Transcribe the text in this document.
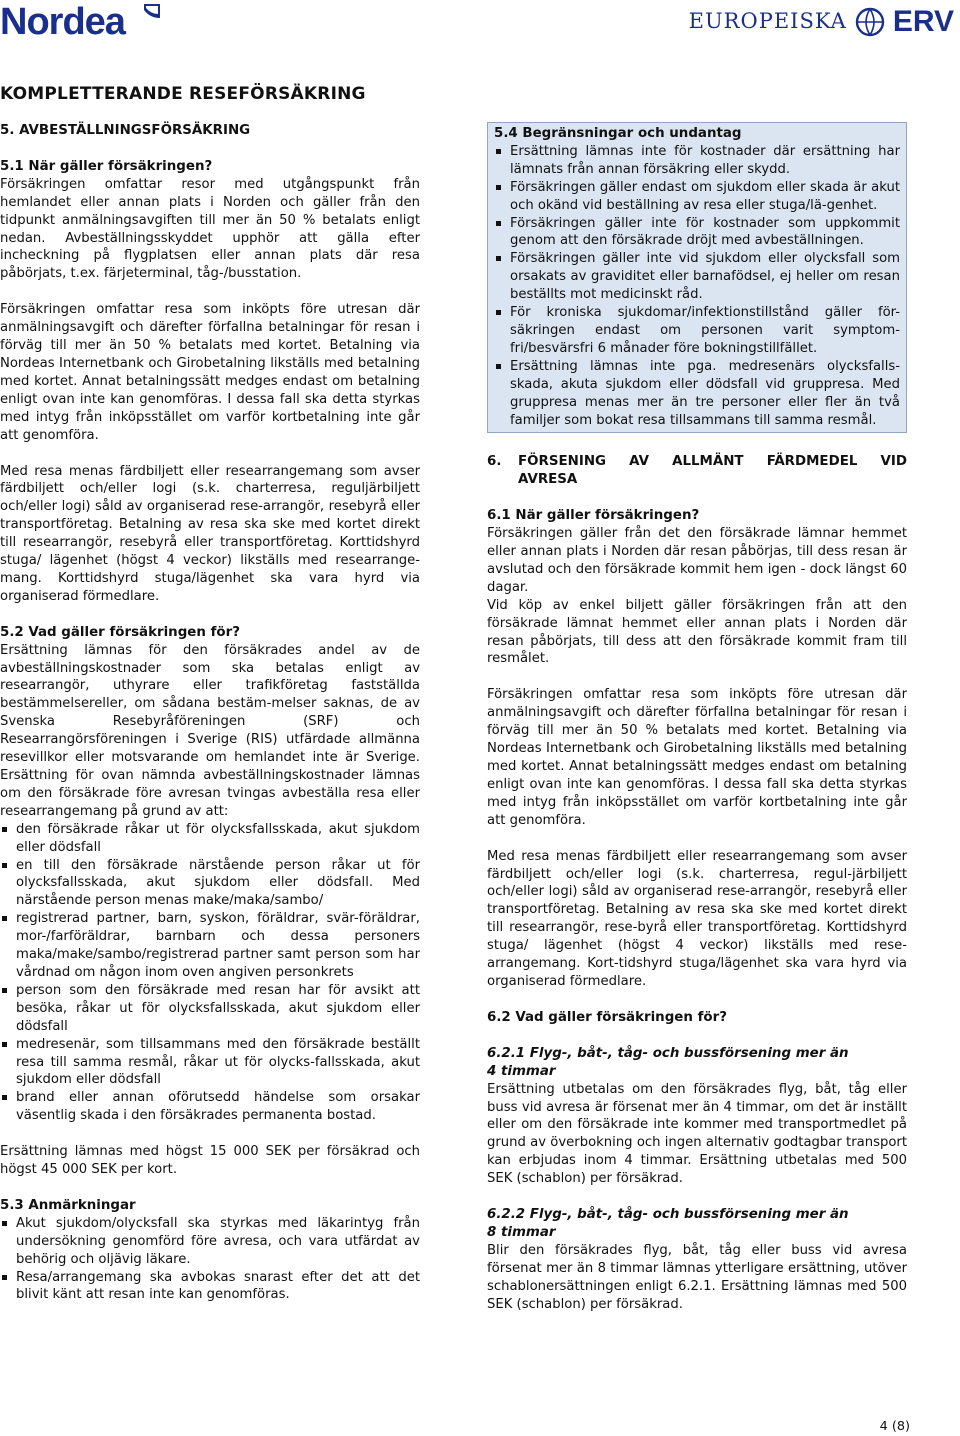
Nordea	EUROPEISKA ERV
KOMPLETTERANDE RESEFÖRSÄKRING
5. AVBESTÄLLNINGSFÖRSÄKRING
5.1 När gäller försäkringen?

Försäkringen omfattar resor med utgångspunkt från hemlandet eller annan plats i Norden och gäller från den tidpunkt anmälningsavgiften till mer än 50 % betalats enligt nedan. Avbeställningsskyddet upphör att gälla efter incheckning på flygplatsen eller annan plats där resa påbörjats, t.ex. färjeterminal, tåg-/busstation.

Försäkringen omfattar resa som inköpts före utresan där anmälningsavgift och därefter förfallna betalningar för resan i förväg till mer än 50 % betalats med kortet. Betalning via Nordeas Internetbank och Girobetalning likställs med betalning med kortet. Annat betalningssätt medges endast om betalning enligt ovan inte kan genomföras. I dessa fall ska detta styrkas med intyg från inköpsstället om varför kortbetalning inte går att genomföra.

Med resa menas färdbiljett eller researrangemang som avser färdbiljett och/eller logi (s.k. charterresa, reguljärbiljett och/eller logi) såld av organiserad rese-arrangör, resebyrå eller transportföretag. Betalning av resa ska ske med kortet direkt till researrangör, resebyrå eller transportföretag. Korttidshyrd stuga/ lägenhet (högst 4 veckor) likställs med researrange-mang. Korttidshyrd stuga/lägenhet ska vara hyrd via organiserad förmedlare.

5.2 Vad gäller försäkringen för?

Ersättning lämnas för den försäkrades andel av de avbeställningskostnader som ska betalas enligt av researrangör, uthyrare eller trafikföretag fastställda bestämmelsereller, om sådana bestäm-melser saknas, de av Svenska Resebyråföreningen (SRF) och Researrangörsföreningen i Sverige (RIS) utfärdade allmänna resevillkor eller motsvarande om hemlandet inte är Sverige. Ersättning för ovan nämnda avbeställningskostnader lämnas om den försäkrade före avresan tvingas avbeställa resa eller researrangemang på grund av att:

den försäkrade råkar ut för olycksfallsskada, akut sjukdom eller dödsfall
en till den försäkrade närstående person råkar ut för olycksfallsskada, akut sjukdom eller dödsfall. Med närstående person menas make/maka/sambo/
registrerad partner, barn, syskon, föräldrar, svär-föräldrar, mor-/farföräldrar, barnbarn och dessa personers maka/make/sambo/registrerad partner samt person som har vårdnad om någon inom oven angiven personkrets
person som den försäkrade med resan har för avsikt att besöka, råkar ut för olycksfallsskada, akut sjukdom eller dödsfall
medresenär, som tillsammans med den försäkrade beställt resa till samma resmål, råkar ut för olycks-fallsskada, akut sjukdom eller dödsfall
brand eller annan oförutsedd händelse som orsakar väsentlig skada i den försäkrades permanenta bostad.

Ersättning lämnas med högst 15 000 SEK per försäkrad och högst 45 000 SEK per kort.

5.3 Anmärkningar
Akut sjukdom/olycksfall ska styrkas med läkarintyg från undersökning genomförd före avresa, och vara utfärdat av behörig och oljävig läkare.
Resa/arrangemang ska avbokas snarast efter det att det blivit känt att resan inte kan genomföras.
5.4 Begränsningar och undantag
Ersättning lämnas inte för kostnader där ersättning har lämnats från annan försäkring eller skydd.
Försäkringen gäller endast om sjukdom eller skada är akut och okänd vid beställning av resa eller stuga/lä-genhet.
Försäkringen gäller inte för kostnader som uppkommit genom att den försäkrade dröjt med avbeställningen.
Försäkringen gäller inte vid sjukdom eller olycksfall som orsakats av graviditet eller barnafödsel, ej heller om resan beställts mot medicinskt råd.
För kroniska sjukdomar/infektionstillstånd gäller för-säkringen endast om personen varit symptom-fri/besvärsfri 6 månader före bokningstillfället.
Ersättning lämnas inte pga. medresenärs olycksfalls-skada, akuta sjukdom eller dödsfall vid gruppresa. Med gruppresa menas mer än tre personer eller fler än två familjer som bokat resa tillsammans till samma resmål.
6.	FÖRSENING AV ALLMÄNT FÄRDMEDEL VID
AVRESA
6.1 När gäller försäkringen?

Försäkringen gäller från det den försäkrade lämnar hemmet eller annan plats i Norden där resan påbörjas, till dess resan är avslutad och den försäkrade kommit hem igen - dock längst 60 dagar.

Vid köp av enkel biljett gäller försäkringen från att den försäkrade lämnat hemmet eller annan plats i Norden där resan påbörjats, till dess att den försäkrade kommit fram till resmålet.

Försäkringen omfattar resa som inköpts före utresan där anmälningsavgift och därefter förfallna betalningar för resan i förväg till mer än 50 % betalats med kortet. Betalning via Nordeas Internetbank och Girobetalning likställs med betalning med kortet. Annat betalningssätt medges endast om betalning enligt ovan inte kan genomföras. I dessa fall ska detta styrkas med intyg från inköpsstället om varför kortbetalning inte går att genomföra.

Med resa menas färdbiljett eller researrangemang som avser färdbiljett och/eller logi (s.k. charterresa, regul-järbiljett och/eller logi) såld av organiserad rese-arrangör, resebyrå eller transportföretag. Betalning av resa ska ske med kortet direkt till researrangör, rese-byrå eller transportföretag. Korttidshyrd stuga/ lägenhet (högst 4 veckor) likställs med rese-arrangemang. Kort-tidshyrd stuga/lägenhet ska vara hyrd via organiserad förmedlare.

6.2 Vad gäller försäkringen för?
6.2.1 Flyg-, båt-, tåg- och bussförsening mer än
4 timmar

Ersättning utbetalas om den försäkrades flyg, båt, tåg eller buss vid avresa är försenat mer än 4 timmar, om det är inställt eller om den försäkrade inte kommer med transportmedlet på grund av överbokning och ingen alternativ godtagbar transport kan erbjudas inom 4 timmar. Ersättning utbetalas med 500 SEK (schablon) per försäkrad.

6.2.2 Flyg-, båt-, tåg- och bussförsening mer än
8 timmar

Blir den försäkrades flyg, båt, tåg eller buss vid avresa försenat mer än 8 timmar lämnas ytterligare ersättning, utöver schablonersättningen enligt 6.2.1. Ersättning lämnas med 500 SEK (schablon) per försäkrad.

4 (8)
